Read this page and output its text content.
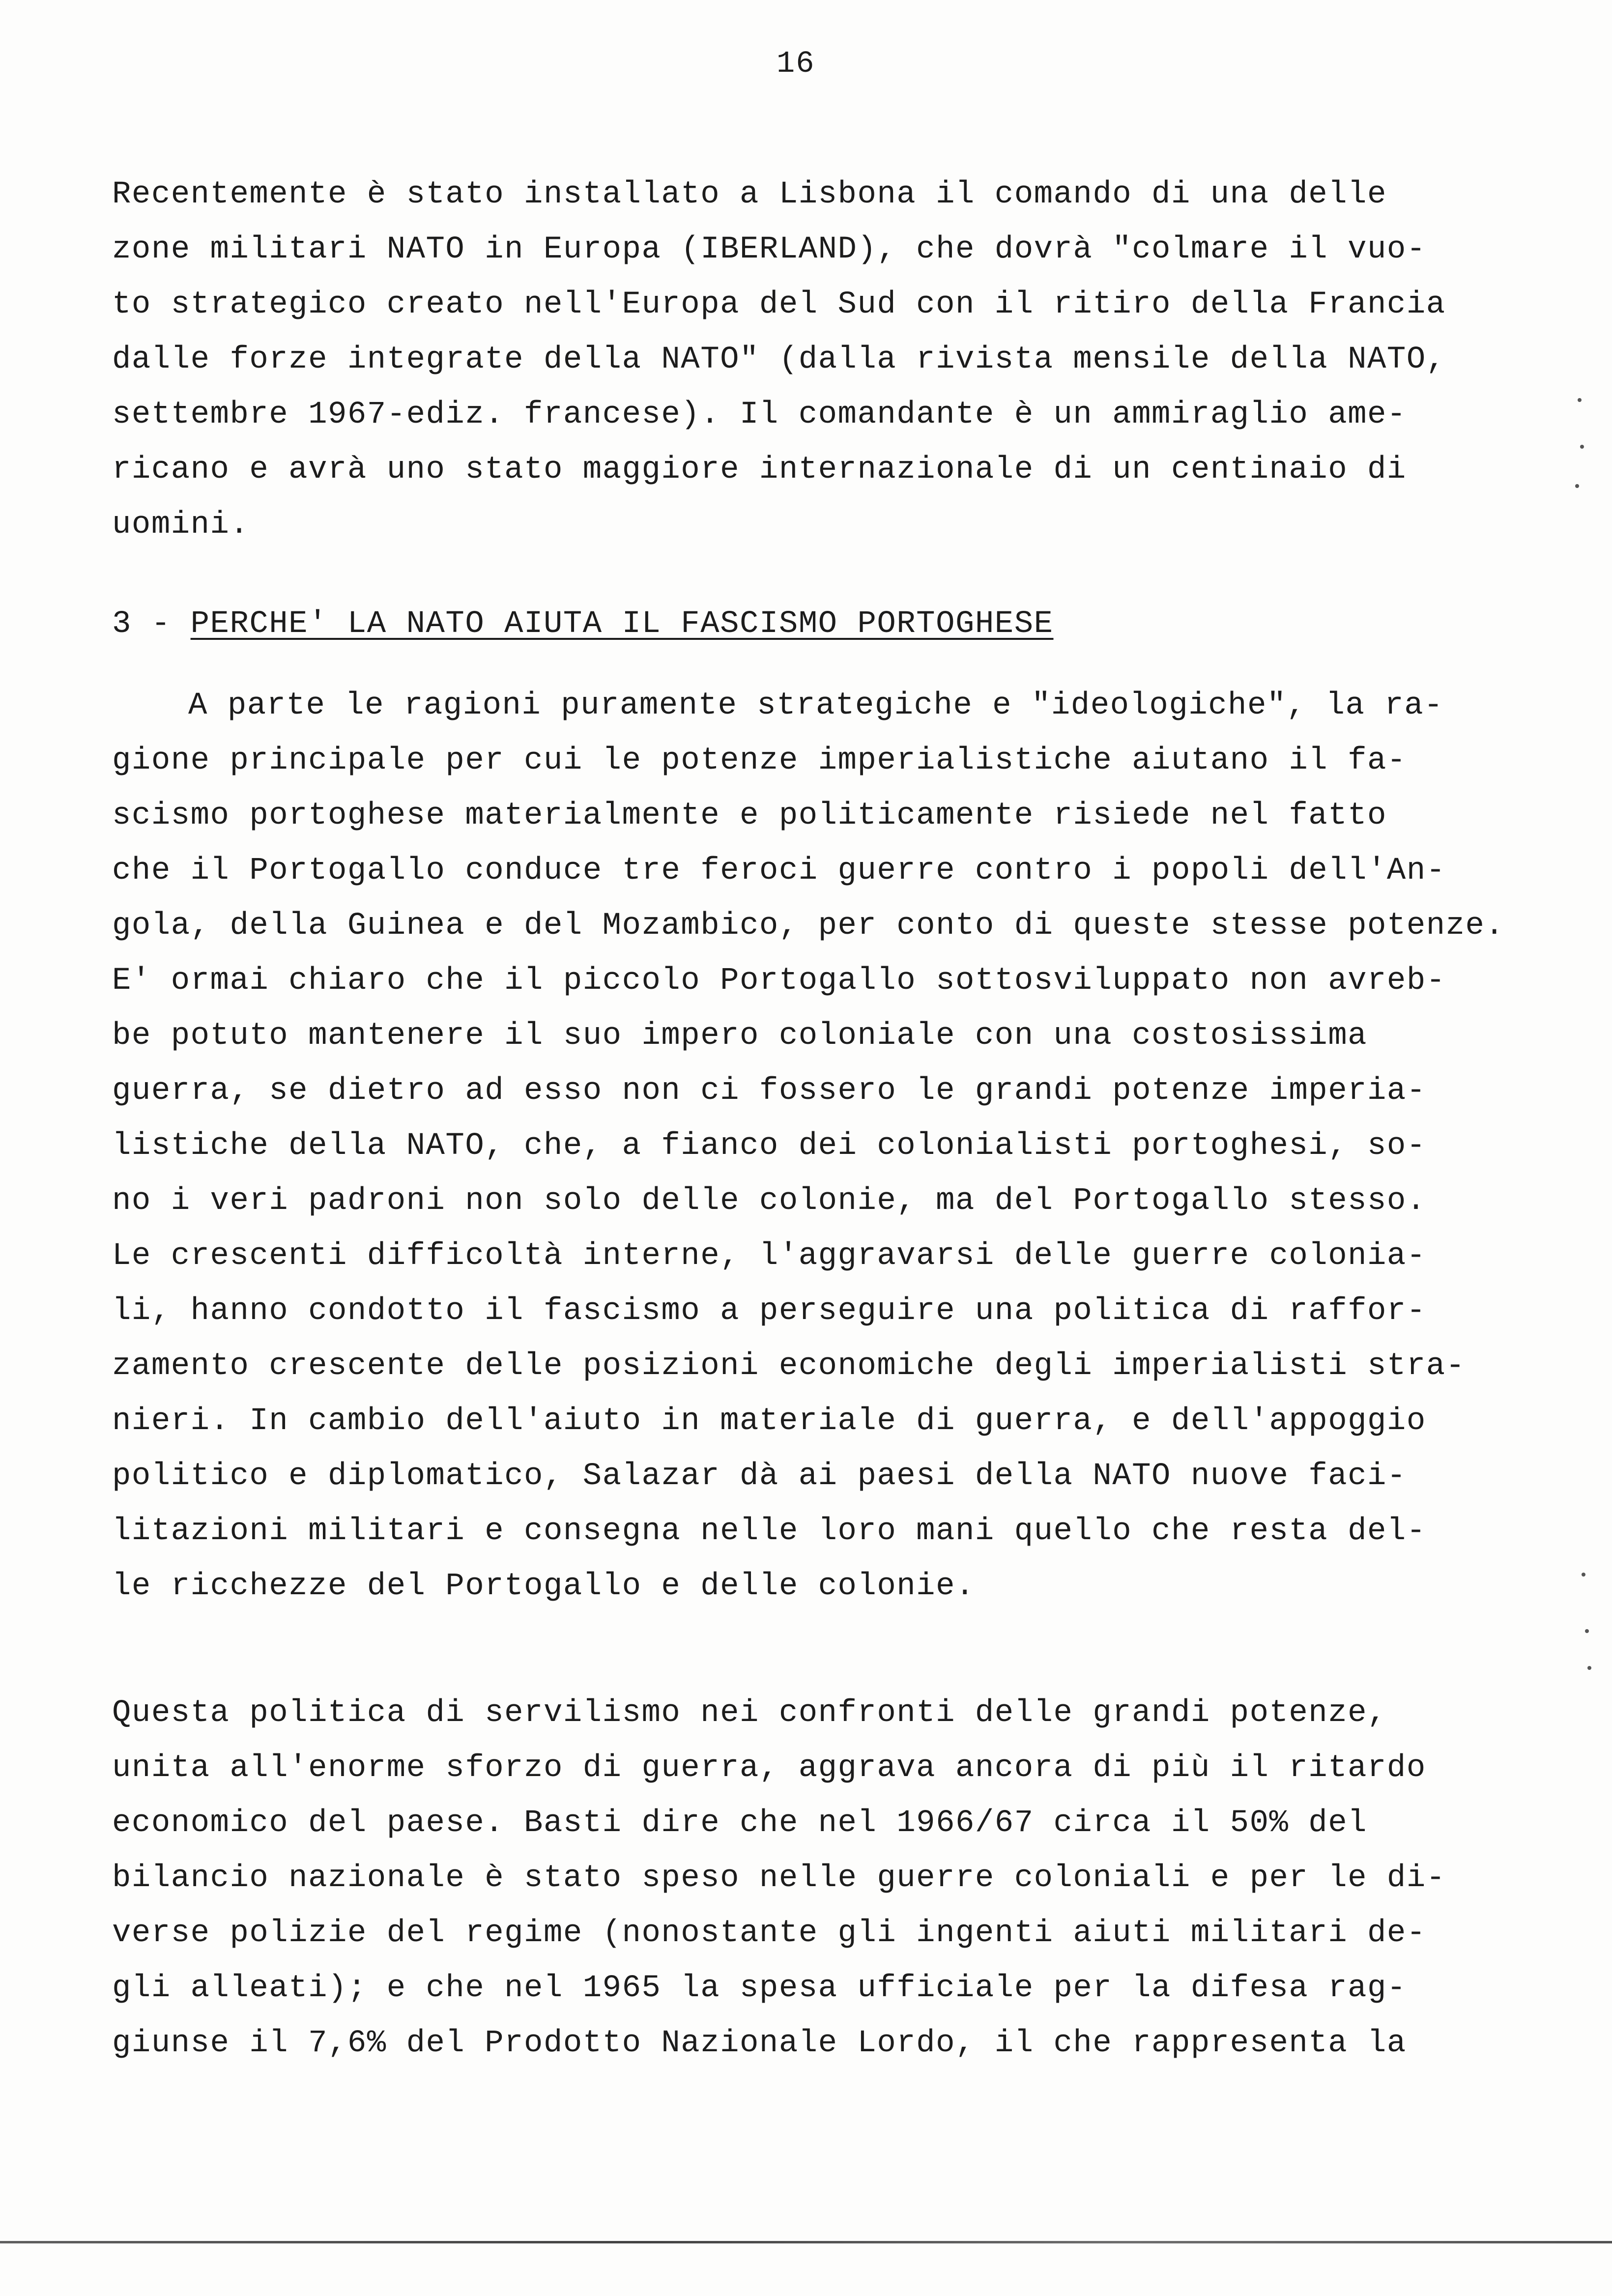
16
Recentemente è stato installato a Lisbona il comando di una delle
zone militari NATO in Europa (IBERLAND), che dovrà "colmare il vuo-
to strategico creato nell'Europa del Sud con il ritiro della Francia
dalle forze integrate della NATO" (dalla rivista mensile della NATO,
settembre 1967-ediz. francese). Il comandante è un ammiraglio ame-
ricano e avrà uno stato maggiore internazionale di un centinaio di
uomini.
3 - PERCHE' LA NATO AIUTA IL FASCISMO PORTOGHESE
A parte le ragioni puramente strategiche e "ideologiche", la ra-
gione principale per cui le potenze imperialistiche aiutano il fa-
scismo portoghese materialmente e politicamente risiede nel fatto
che il Portogallo conduce tre feroci guerre contro i popoli dell'An-
gola, della Guinea e del Mozambico, per conto di queste stesse potenze.
E' ormai chiaro che il piccolo Portogallo sottosviluppato non avreb-
be potuto mantenere il suo impero coloniale con una costosissima
guerra, se dietro ad esso non ci fossero le grandi potenze imperia-
listiche della NATO, che, a fianco dei colonialisti portoghesi, so-
no i veri padroni non solo delle colonie, ma del Portogallo stesso.
Le crescenti difficoltà interne, l'aggravarsi delle guerre colonia-
li, hanno condotto il fascismo a perseguire una politica di raffor-
zamento crescente delle posizioni economiche degli imperialisti stra-
nieri. In cambio dell'aiuto in materiale di guerra, e dell'appoggio
politico e diplomatico, Salazar dà ai paesi della NATO nuove faci-
litazioni militari e consegna nelle loro mani quello che resta del-
le ricchezze del Portogallo e delle colonie.
Questa politica di servilismo nei confronti delle grandi potenze,
unita all'enorme sforzo di guerra, aggrava ancora di più il ritardo
economico del paese. Basti dire che nel 1966/67 circa il 50% del
bilancio nazionale è stato speso nelle guerre coloniali e per le di-
verse polizie del regime (nonostante gli ingenti aiuti militari de-
gli alleati); e che nel 1965 la spesa ufficiale per la difesa rag-
giunse il 7,6% del Prodotto Nazionale Lordo, il che rappresenta la
